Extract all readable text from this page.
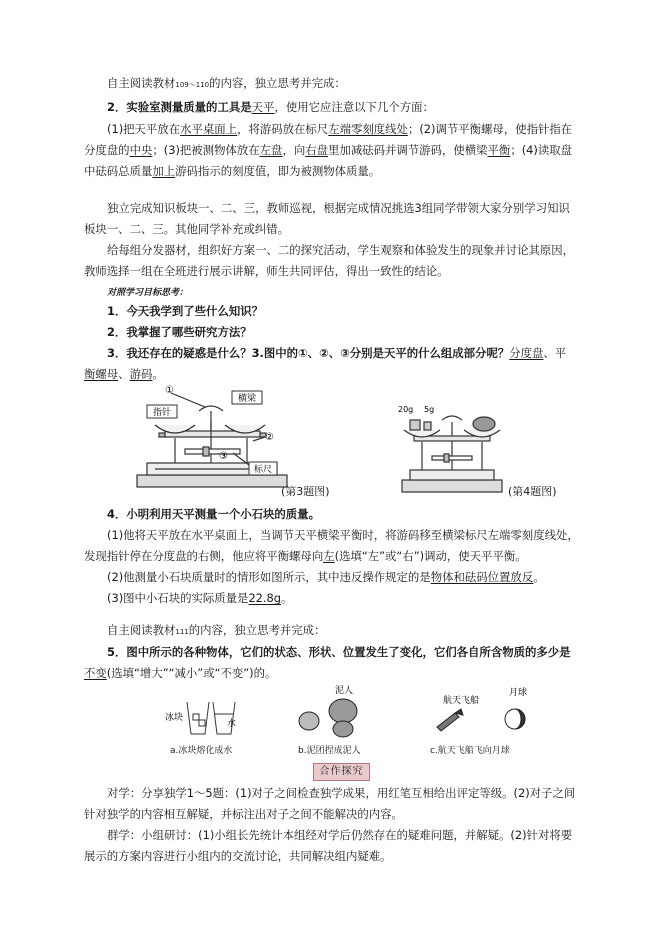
自主阅读教材109～110的内容，独立思考并完成：
2．实验室测量质量的工具是天平，使用它应注意以下几个方面：
(1)把天平放在水平桌面上，将游码放在标尺左端零刻度线处；(2)调节平衡螺母，使指针指在
分度盘的中央；(3)把被测物体放在左盘，向右盘里加减砝码并调节游码，使横梁平衡；(4)读取盘
中砝码总质量加上游码指示的刻度值，即为被测物体质量。
独立完成知识板块一、二、三，教师巡视，根据完成情况挑选3组同学带领大家分别学习知识
板块一、二、三。其他同学补充或纠错。
给每组分发器材，组织好方案一、二的探究活动，学生观察和体验发生的现象并讨论其原因，
教师选择一组在全班进行展示讲解，师生共同评估，得出一致性的结论。
对照学习目标思考：
1．今天我学到了些什么知识？
2．我掌握了哪些研究方法？
3．我还存在的疑惑是什么？3.图中的①、②、③分别是天平的什么组成部分呢？分度盘、平
衡螺母、游码。
指针
横梁
标尺
①
②
③
(第3题图)
20g 5g
(第4题图)
4．小明利用天平测量一个小石块的质量。
(1)他将天平放在水平桌面上，当调节天平横梁平衡时，将游码移至横梁标尺左端零刻度线处，
发现指针停在分度盘的右侧，他应将平衡螺母向左(选填“左”或“右”)调动，使天平平衡。
(2)他测量小石块质量时的情形如图所示，其中违反操作规定的是物体和砝码位置放反。
(3)图中小石块的实际质量是22.8g。
自主阅读教材111的内容，独立思考并完成：
5．图中所示的各种物体，它们的状态、形状、位置发生了变化，它们各自所含物质的多少是
不变(选填“增大”“减小”或“不变”)的。
冰块
水
a.冰块熔化成水
泥人
b.泥团捏成泥人
航天飞船
月球
c.航天飞船飞向月球
合作探究
对学：分享独学1～5题：(1)对子之间检查独学成果，用红笔互相给出评定等级。(2)对子之间
针对独学的内容相互解疑，并标注出对子之间不能解决的内容。
群学：小组研讨：(1)小组长先统计本组经对学后仍然存在的疑难问题，并解疑。(2)针对将要
展示的方案内容进行小组内的交流讨论，共同解决组内疑难。
